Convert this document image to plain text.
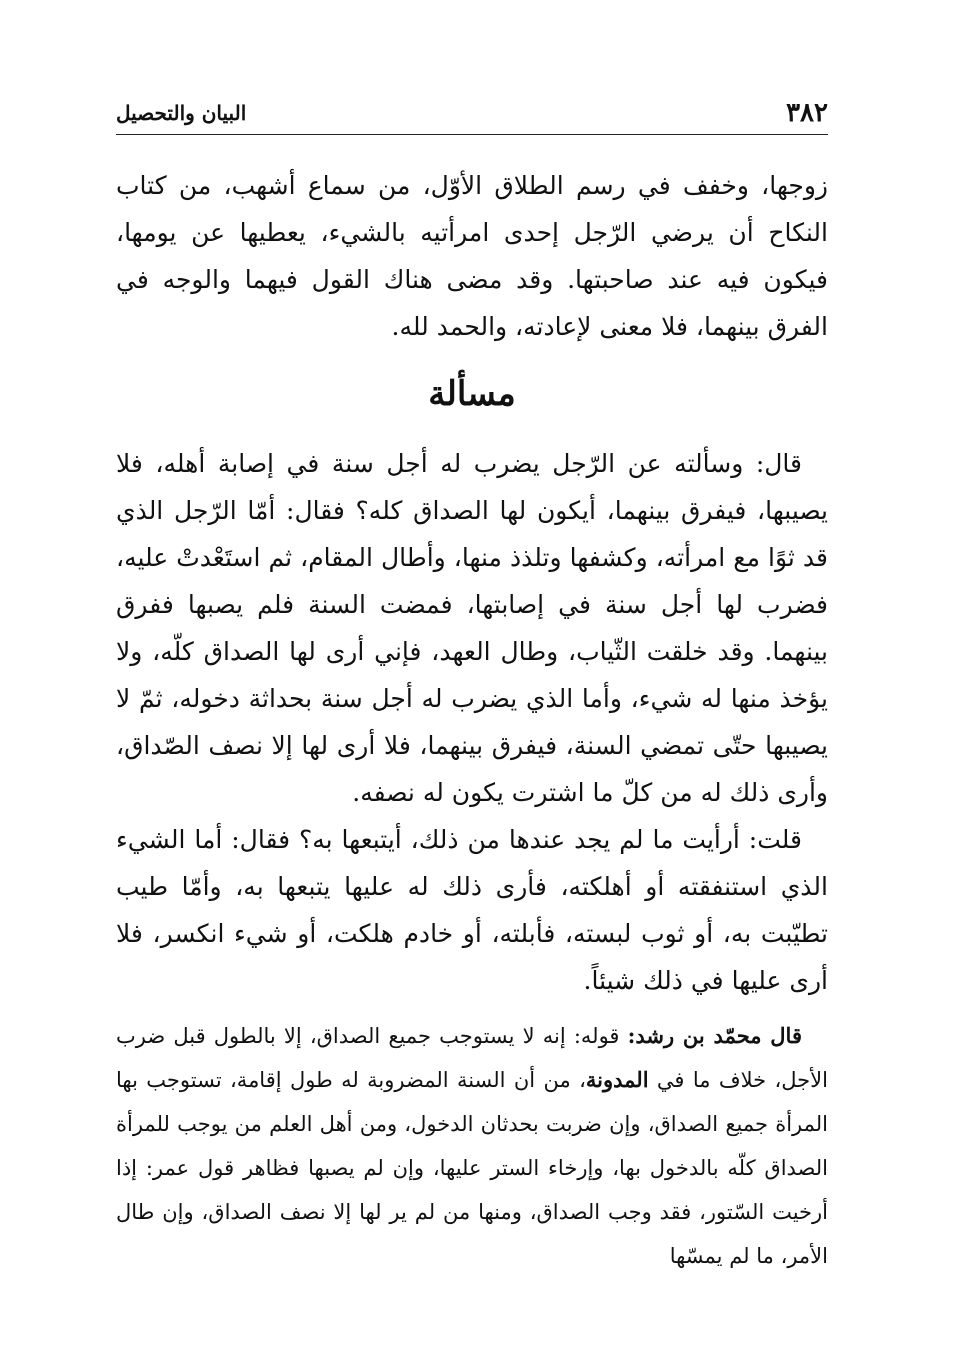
٣٨٢
البيان والتحصيل

زوجها، وخفف في رسم الطلاق الأوّل، من سماع أشهب، من كتاب النكاح أن يرضي الرّجل إحدى امرأتيه بالشيء، يعطيها عن يومها، فيكون فيه عند صاحبتها. وقد مضى هناك القول فيهما والوجه في الفرق بينهما، فلا معنى لإعادته، والحمد لله.

مسألة

قال: وسألته عن الرّجل يضرب له أجل سنة في إصابة أهله، فلا يصيبها، فيفرق بينهما، أيكون لها الصداق كله؟ فقال: أمّا الرّجل الذي قد ثوًا مع امرأته، وكشفها وتلذذ منها، وأطال المقام، ثم استَعْدتْ عليه، فضرب لها أجل سنة في إصابتها، فمضت السنة فلم يصبها ففرق بينهما. وقد خلقت الثّياب، وطال العهد، فإني أرى لها الصداق كلّه، ولا يؤخذ منها له شيء، وأما الذي يضرب له أجل سنة بحداثة دخوله، ثمّ لا يصيبها حتّى تمضي السنة، فيفرق بينهما، فلا أرى لها إلا نصف الصّداق، وأرى ذلك له من كلّ ما اشترت يكون له نصفه.

قلت: أرأيت ما لم يجد عندها من ذلك، أيتبعها به؟ فقال: أما الشيء الذي استنفقته أو أهلكته، فأرى ذلك له عليها يتبعها به، وأمّا طيب تطيّبت به، أو ثوب لبسته، فأبلته، أو خادم هلكت، أو شيء انكسر، فلا أرى عليها في ذلك شيئاً.

قال محمّد بن رشد: قوله: إنه لا يستوجب جميع الصداق، إلا بالطول قبل ضرب الأجل، خلاف ما في المدونة، من أن السنة المضروبة له طول إقامة، تستوجب بها المرأة جميع الصداق، وإن ضربت بحدثان الدخول، ومن أهل العلم من يوجب للمرأة الصداق كلّه بالدخول بها، وإرخاء الستر عليها، وإن لم يصبها فظاهر قول عمر: إذا أرخيت السّتور، فقد وجب الصداق، ومنها من لم ير لها إلا نصف الصداق، وإن طال الأمر، ما لم يمسّها
